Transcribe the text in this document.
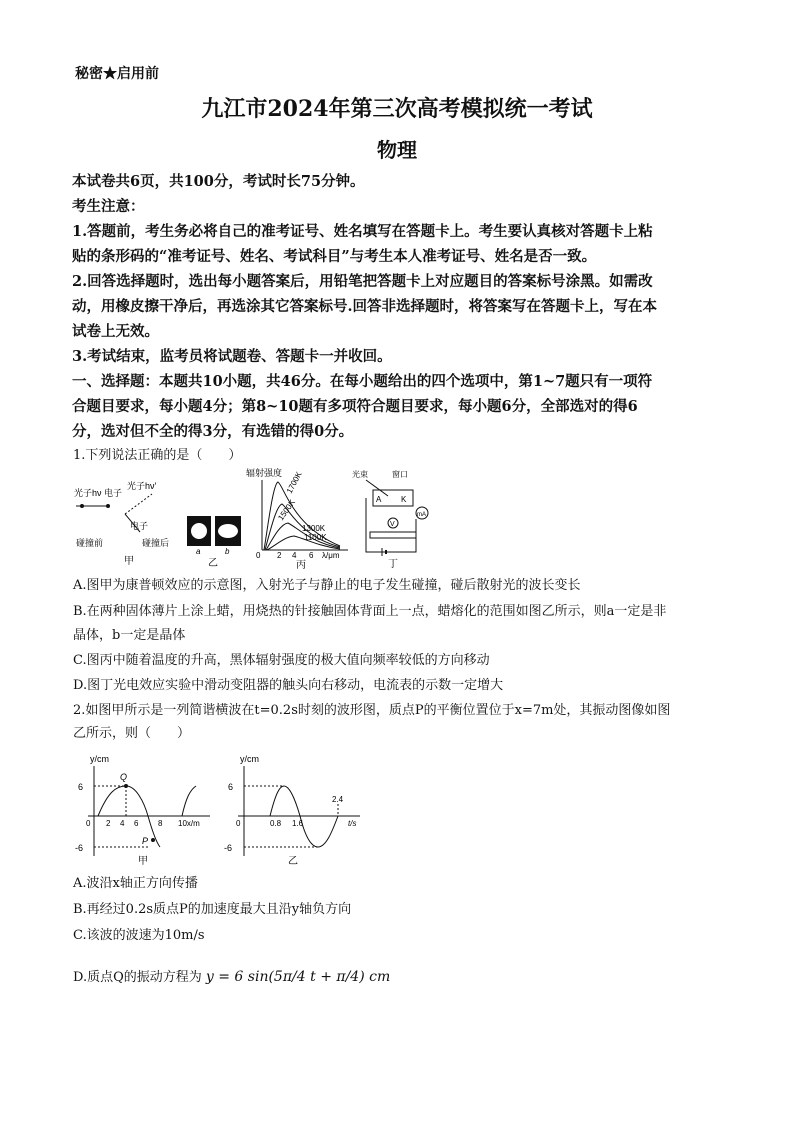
秘密★启用前
九江市2024年第三次高考模拟统一考试
物理
本试卷共6页，共100分，考试时长75分钟。
考生注意：
1.答题前，考生务必将自己的准考证号、姓名填写在答题卡上。考生要认真核对答题卡上粘
贴的条形码的“准考证号、姓名、考试科目”与考生本人准考证号、姓名是否一致。
2.回答选择题时，选出每小题答案后，用铅笔把答题卡上对应题目的答案标号涂黑。如需改
动，用橡皮擦干净后，再选涂其它答案标号.回答非选择题时，将答案写在答题卡上，写在本
试卷上无效。
3.考试结束，监考员将试题卷、答题卡一并收回。
一、选择题：本题共10小题，共46分。在每小题给出的四个选项中，第1~7题只有一项符
合题目要求，每小题4分；第8~10题有多项符合题目要求，每小题6分，全部选对的得6
分，选对但不全的得3分，有选错的得0分。
1.下列说法正确的是（　　）
光子hν 电子
光子hν′
电子
碰撞前	碰撞后
甲
a	b
乙
辐射强度 1700K
1500K
1300K
1100K
0 2 4 6 λ/μm
丙
光束	窗口
A K
mA
V
丁
A.图甲为康普顿效应的示意图，入射光子与静止的电子发生碰撞，碰后散射光的波长变长
B.在两种固体薄片上涂上蜡，用烧热的针接触固体背面上一点，蜡熔化的范围如图乙所示，则a一定是非
晶体，b一定是晶体
C.图丙中随着温度的升高，黑体辐射强度的极大值向频率较低的方向移动
D.图丁光电效应实验中滑动变阻器的触头向右移动，电流表的示数一定增大
2.如图甲所示是一列简谐横波在t=0.2s时刻的波形图，质点P的平衡位置位于x=7m处，其振动图像如图
乙所示，则（　　）
y/cm
6
-6
Q
P
0 2 4 6 8 10x/m
甲
y/cm
6
-6
0	0.8 1.6
2.4
t/s
乙
A.波沿x轴正方向传播
B.再经过0.2s质点P的加速度最大且沿y轴负方向
C.该波的波速为10m/s
D.质点Q的振动方程为 y = 6 sin(5π/4 t + π/4) cm
